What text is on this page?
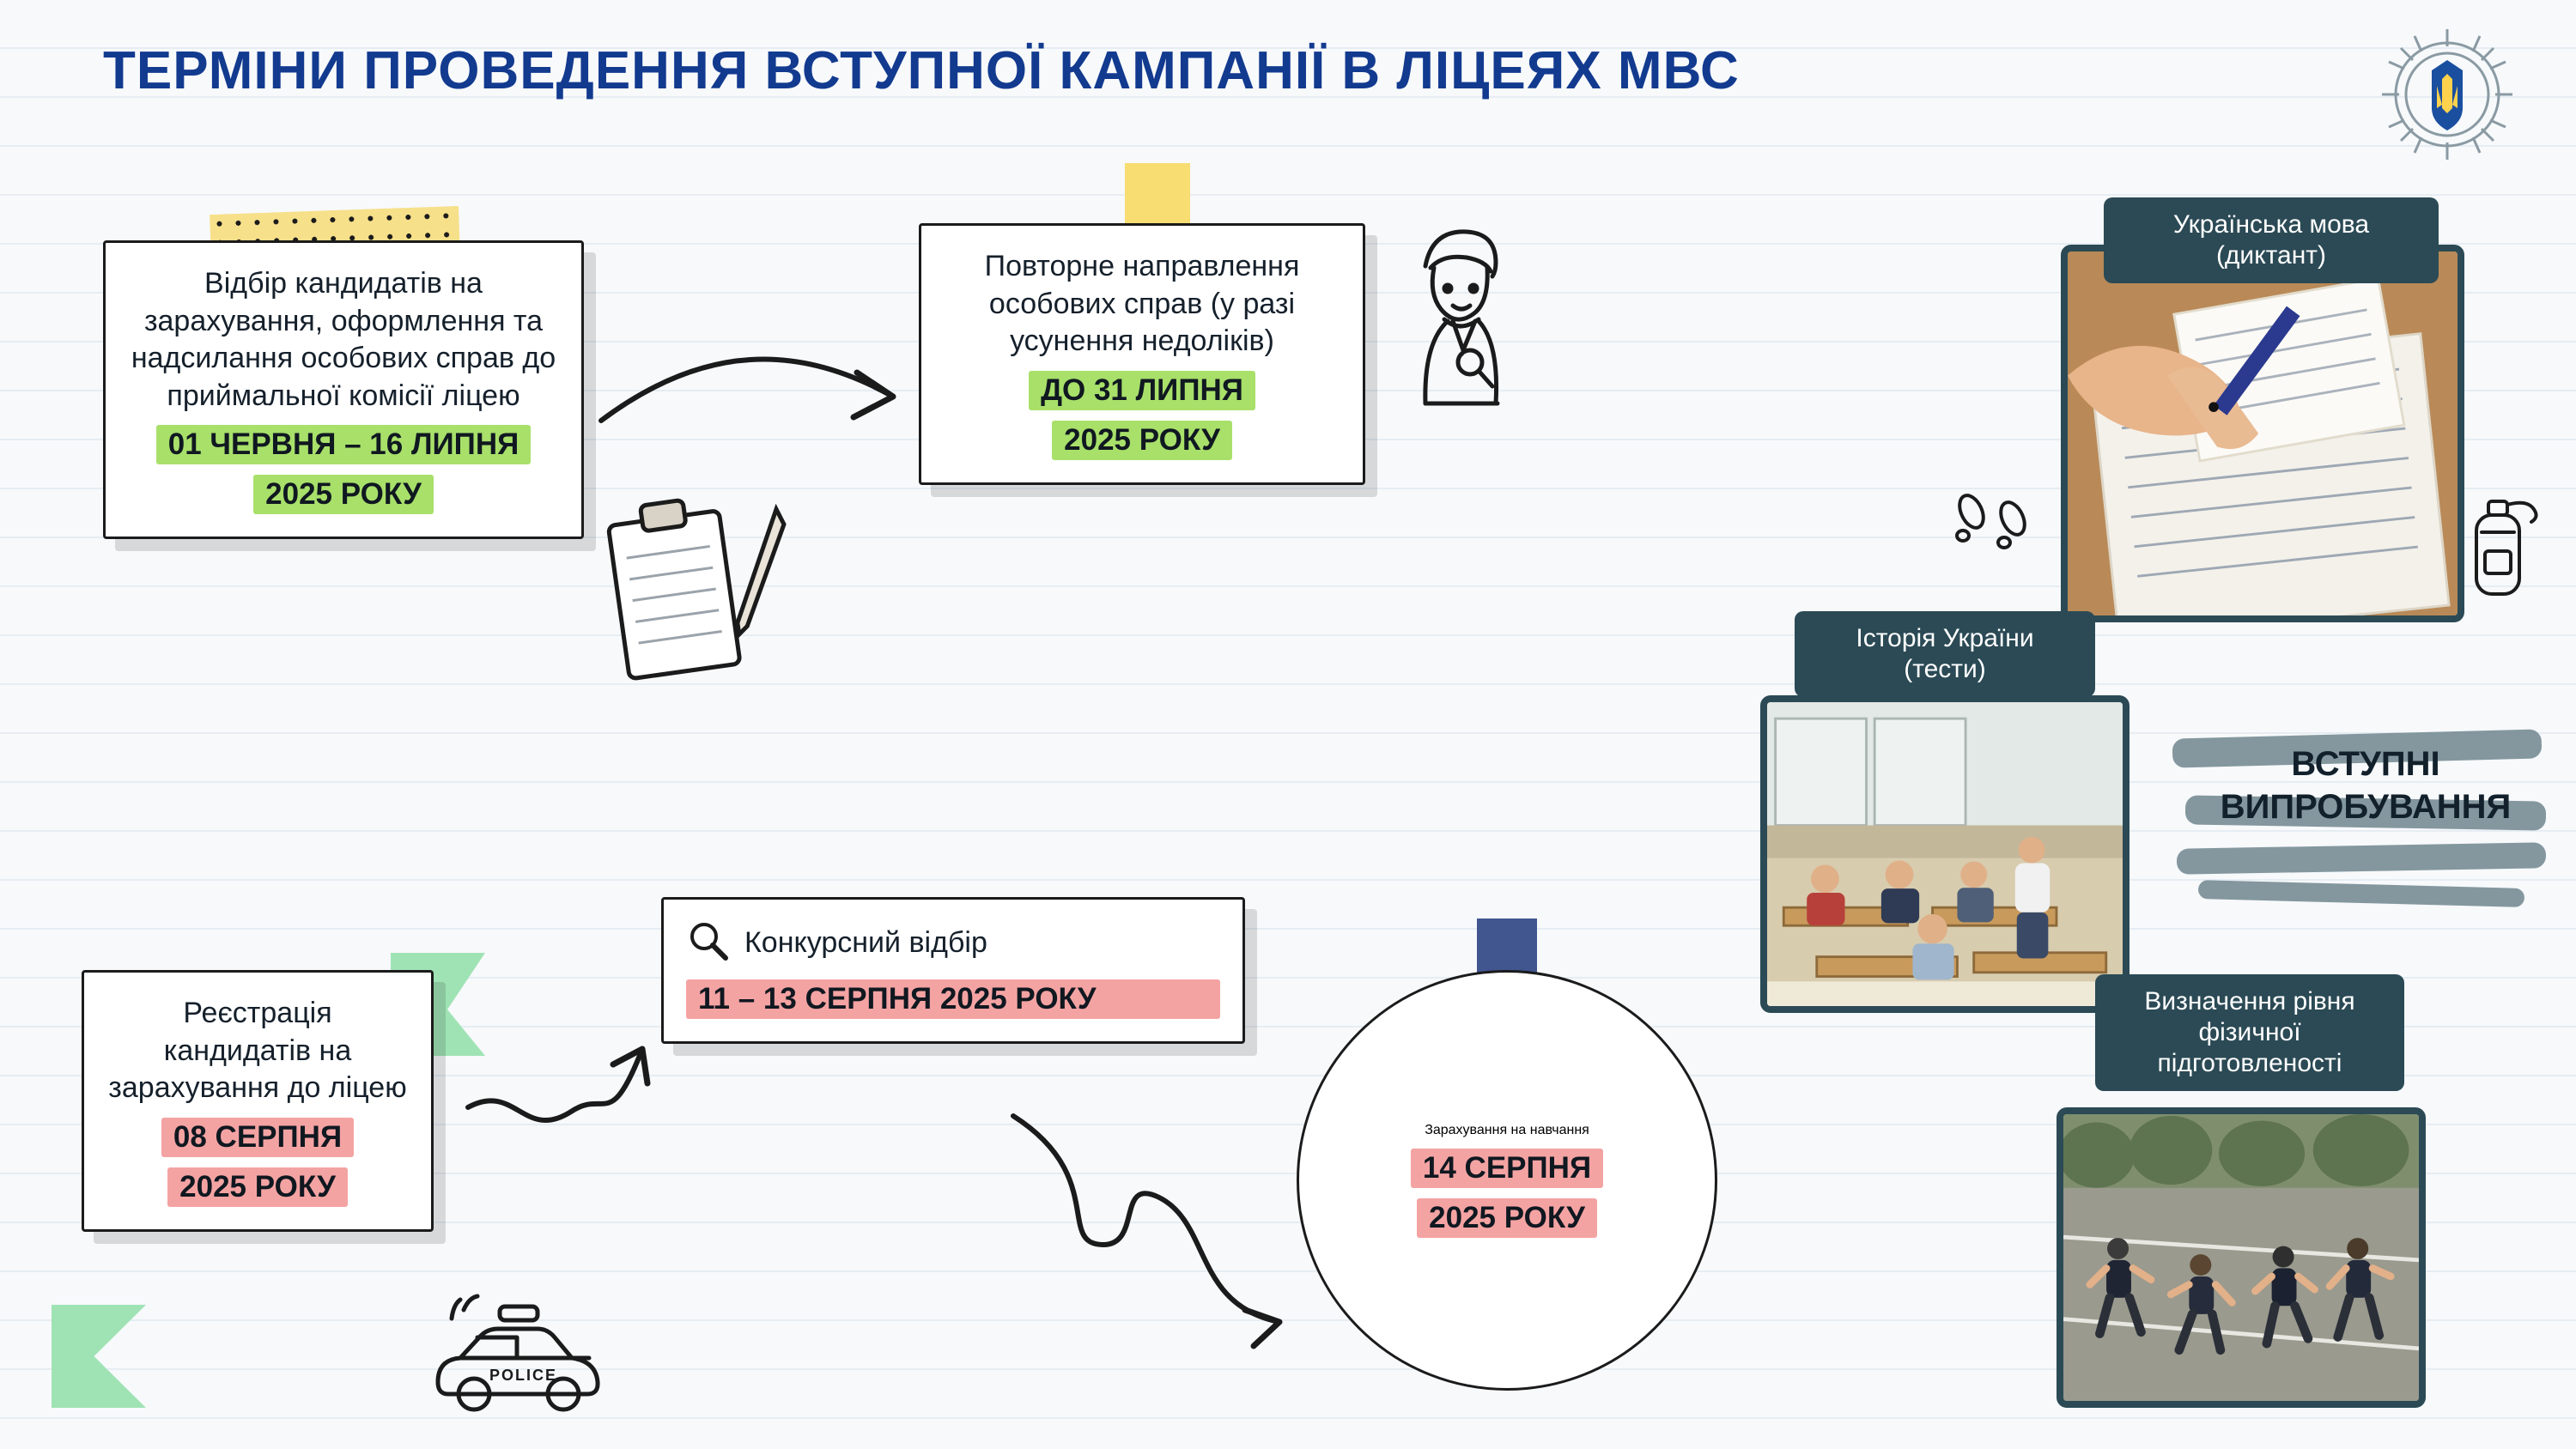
ТЕРМІНИ ПРОВЕДЕННЯ ВСТУПНОЇ КАМПАНІЇ В ЛІЦЕЯХ МВС
Відбір кандидатів на зарахування, оформлення та надсилання особових справ до приймальної комісії ліцею
01 ЧЕРВНЯ – 16 ЛИПНЯ 2025 РОКУ
Повторне направлення особових справ (у разі усунення недоліків)
ДО 31 ЛИПНЯ 2025 РОКУ
Реєстрація кандидатів на зарахування до ліцею
08 СЕРПНЯ 2025 РОКУ
POLICE
Конкурсний відбір
11 – 13 СЕРПНЯ 2025 РОКУ
Зарахування на навчання
14 СЕРПНЯ
2025 РОКУ
Українська мова (диктант)
Історія України (тести)
ВСТУПНІ
ВИПРОБУВАННЯ
Визначення рівня фізичної підготовленості
